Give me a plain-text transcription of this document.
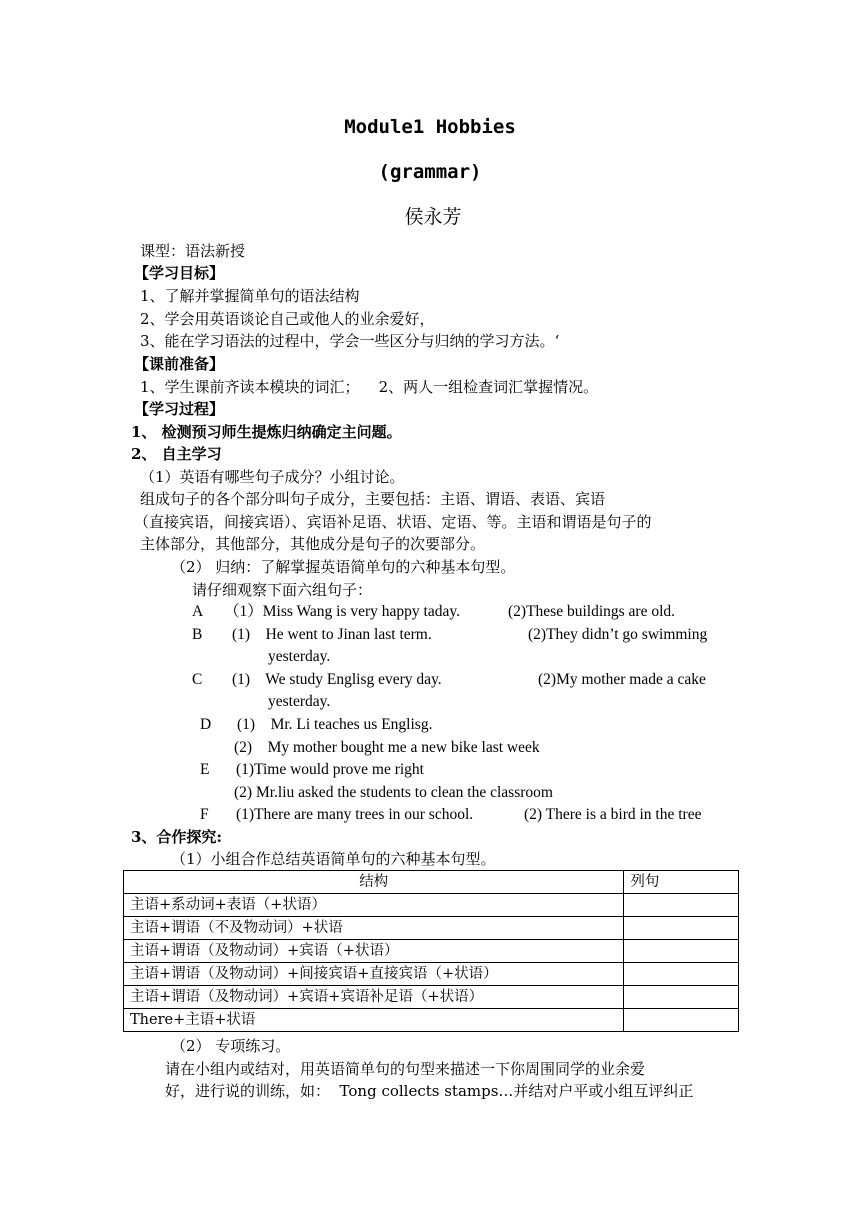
Module1 Hobbies
(grammar)
侯永芳
课型：语法新授
【学习目标】
1、了解并掌握简单句的语法结构
2、学会用英语谈论自己或他人的业余爱好，
3、能在学习语法的过程中，学会一些区分与归纳的学习方法。‘
【课前准备】
1、学生课前齐读本模块的词汇；    2、两人一组检查词汇掌握情况。
【学习过程】
1、 检测预习师生提炼归纳确定主问题。
2、 自主学习
（1）英语有哪些句子成分？小组讨论。
组成句子的各个部分叫句子成分，主要包括：主语、谓语、表语、宾语
（直接宾语，间接宾语）、宾语补足语、状语、定语、等。主语和谓语是句子的
主体部分，其他部分，其他成分是句子的次要部分。
（2） 归纳：了解掌握英语简单句的六种基本句型。
请仔细观察下面六组句子：
A （1）Miss Wang is very happy taday.	(2)These buildings are old.
B (1)    He went to Jinan last term.	(2)They didn’t go swimming
yesterday.
C (1)    We study Englisg every day.	(2)My mother made a cake
yesterday.
D (1)    Mr. Li teaches us Englisg.
(2)    My mother bought me a new bike last week
E (1)Time would prove me right
(2) Mr.liu asked the students to clean the classroom
F (1)There are many trees in our school.	(2) There is a bird in the tree
3、合作探究:
（1）小组合作总结英语简单句的六种基本句型。
结构	列句
主语+系动词+表语（+状语）	
主语+谓语（不及物动词）+状语	
主语+谓语（及物动词）+宾语（+状语）	
主语+谓语（及物动词）+间接宾语+直接宾语（+状语）	
主语+谓语（及物动词）+宾语+宾语补足语（+状语）	
There+主语+状语	
（2） 专项练习。
请在小组内或结对，用英语简单句的句型来描述一下你周围同学的业余爱
好，进行说的训练，如：  Tong collects stamps…并结对户平或小组互评纠正
